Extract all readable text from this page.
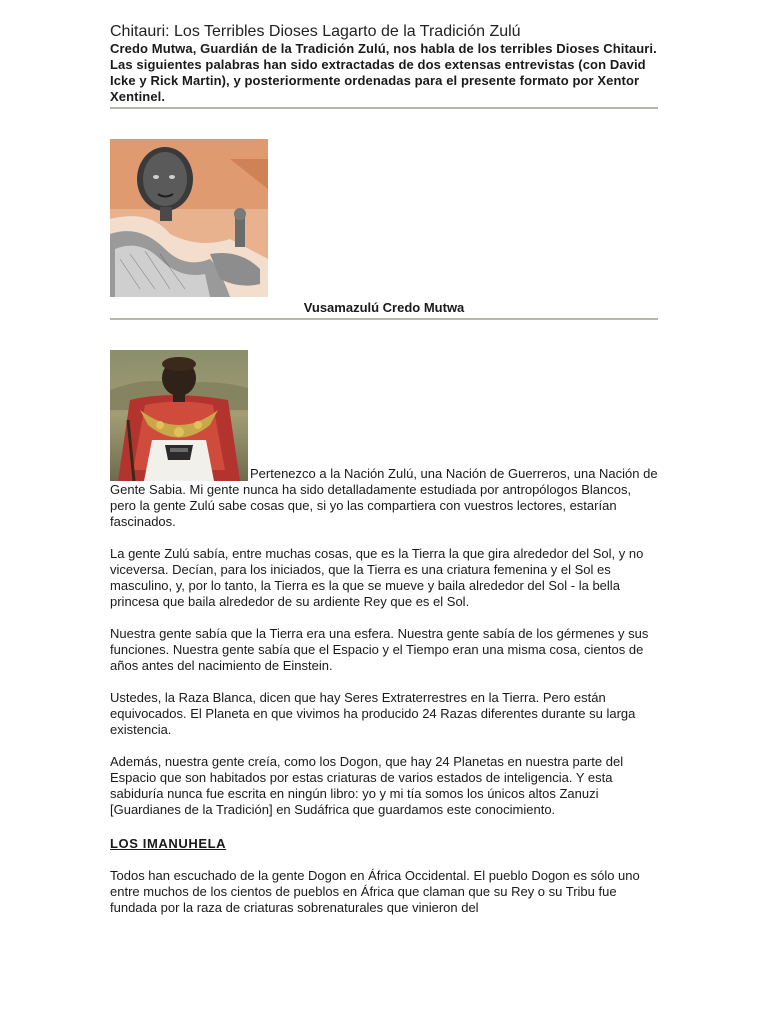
Chitauri: Los Terribles Dioses Lagarto de la Tradición Zulú

Credo Mutwa, Guardián de la Tradición Zulú, nos habla de los terribles Dioses Chitauri. Las siguientes palabras han sido extractadas de dos extensas entrevistas (con David Icke y Rick Martin), y posteriormente ordenadas para el presente formato por Xentor Xentinel.

Vusamazulú Credo Mutwa

Pertenezco a la Nación Zulú, una Nación de Guerreros, una Nación de Gente Sabia. Mi gente nunca ha sido detalladamente estudiada por antropólogos Blancos, pero la gente Zulú sabe cosas que, si yo las compartiera con vuestros lectores, estarían fascinados.

La gente Zulú sabía, entre muchas cosas, que es la Tierra la que gira alrededor del Sol, y no viceversa. Decían, para los iniciados, que la Tierra es una criatura femenina y el Sol es masculino, y, por lo tanto, la Tierra es la que se mueve y baila alrededor del Sol - la bella princesa que baila alrededor de su ardiente Rey que es el Sol.

Nuestra gente sabía que la Tierra era una esfera. Nuestra gente sabía de los gérmenes y sus funciones. Nuestra gente sabía que el Espacio y el Tiempo eran una misma cosa, cientos de años antes del nacimiento de Einstein.

Ustedes, la Raza Blanca, dicen que hay Seres Extraterrestres en la Tierra. Pero están equivocados. El Planeta en que vivimos ha producido 24 Razas diferentes durante su larga existencia.

Además, nuestra gente creía, como los Dogon, que hay 24 Planetas en nuestra parte del Espacio que son habitados por estas criaturas de varios estados de inteligencia. Y esta sabiduría nunca fue escrita en ningún libro: yo y mi tía somos los únicos altos Zanuzi [Guardianes de la Tradición] en Sudáfrica que guardamos este conocimiento.

LOS IMANUHELA

Todos han escuchado de la gente Dogon en África Occidental. El pueblo Dogon es sólo uno entre muchos de los cientos de pueblos en África que claman que su Rey o su Tribu fue fundada por la raza de criaturas sobrenaturales que vinieron del
